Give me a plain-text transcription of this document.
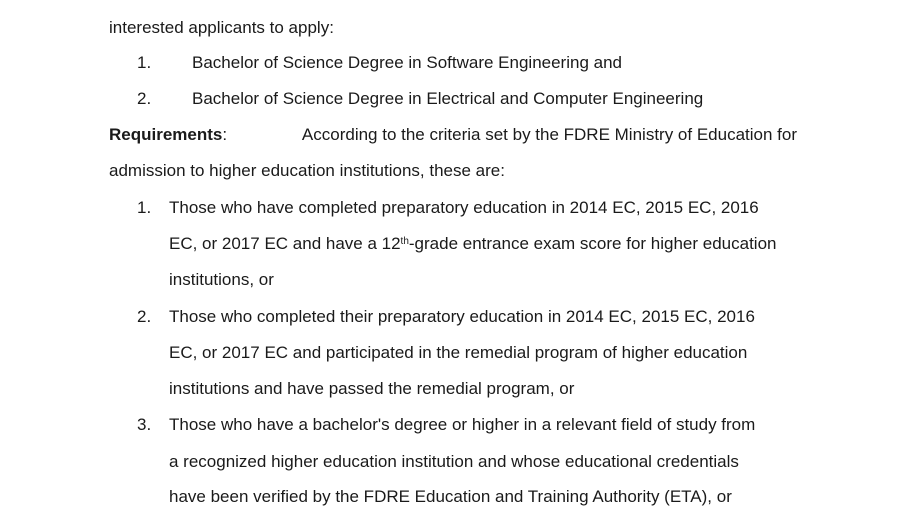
interested applicants to apply:
1. Bachelor of Science Degree in Software Engineering and
2. Bachelor of Science Degree in Electrical and Computer Engineering
Requirements:	According to the criteria set by the FDRE Ministry of Education for
admission to higher education institutions, these are:
1. Those who have completed preparatory education in 2014 EC, 2015 EC, 2016
EC, or 2017 EC and have a 12th-grade entrance exam score for higher education
institutions, or
2. Those who completed their preparatory education in 2014 EC, 2015 EC, 2016
EC, or 2017 EC and participated in the remedial program of higher education
institutions and have passed the remedial program, or
3. Those who have a bachelor's degree or higher in a relevant field of study from
a recognized higher education institution and whose educational credentials
have been verified by the FDRE Education and Training Authority (ETA), or
